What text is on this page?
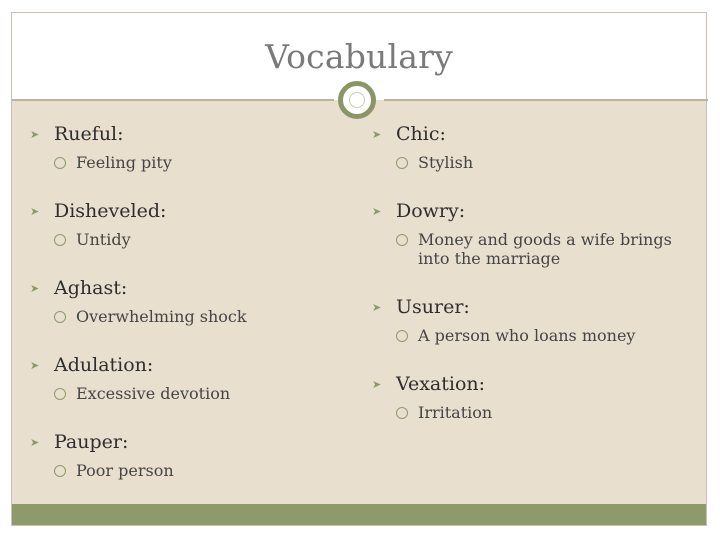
Vocabulary
➤ Rueful:
Feeling pity
➤ Disheveled:
Untidy
➤ Aghast:
Overwhelming shock
➤ Adulation:
Excessive devotion
➤ Pauper:
Poor person
➤ Chic:
Stylish
➤ Dowry:
Money and goods a wife brings into the marriage
➤ Usurer:
A person who loans money
➤ Vexation:
Irritation
